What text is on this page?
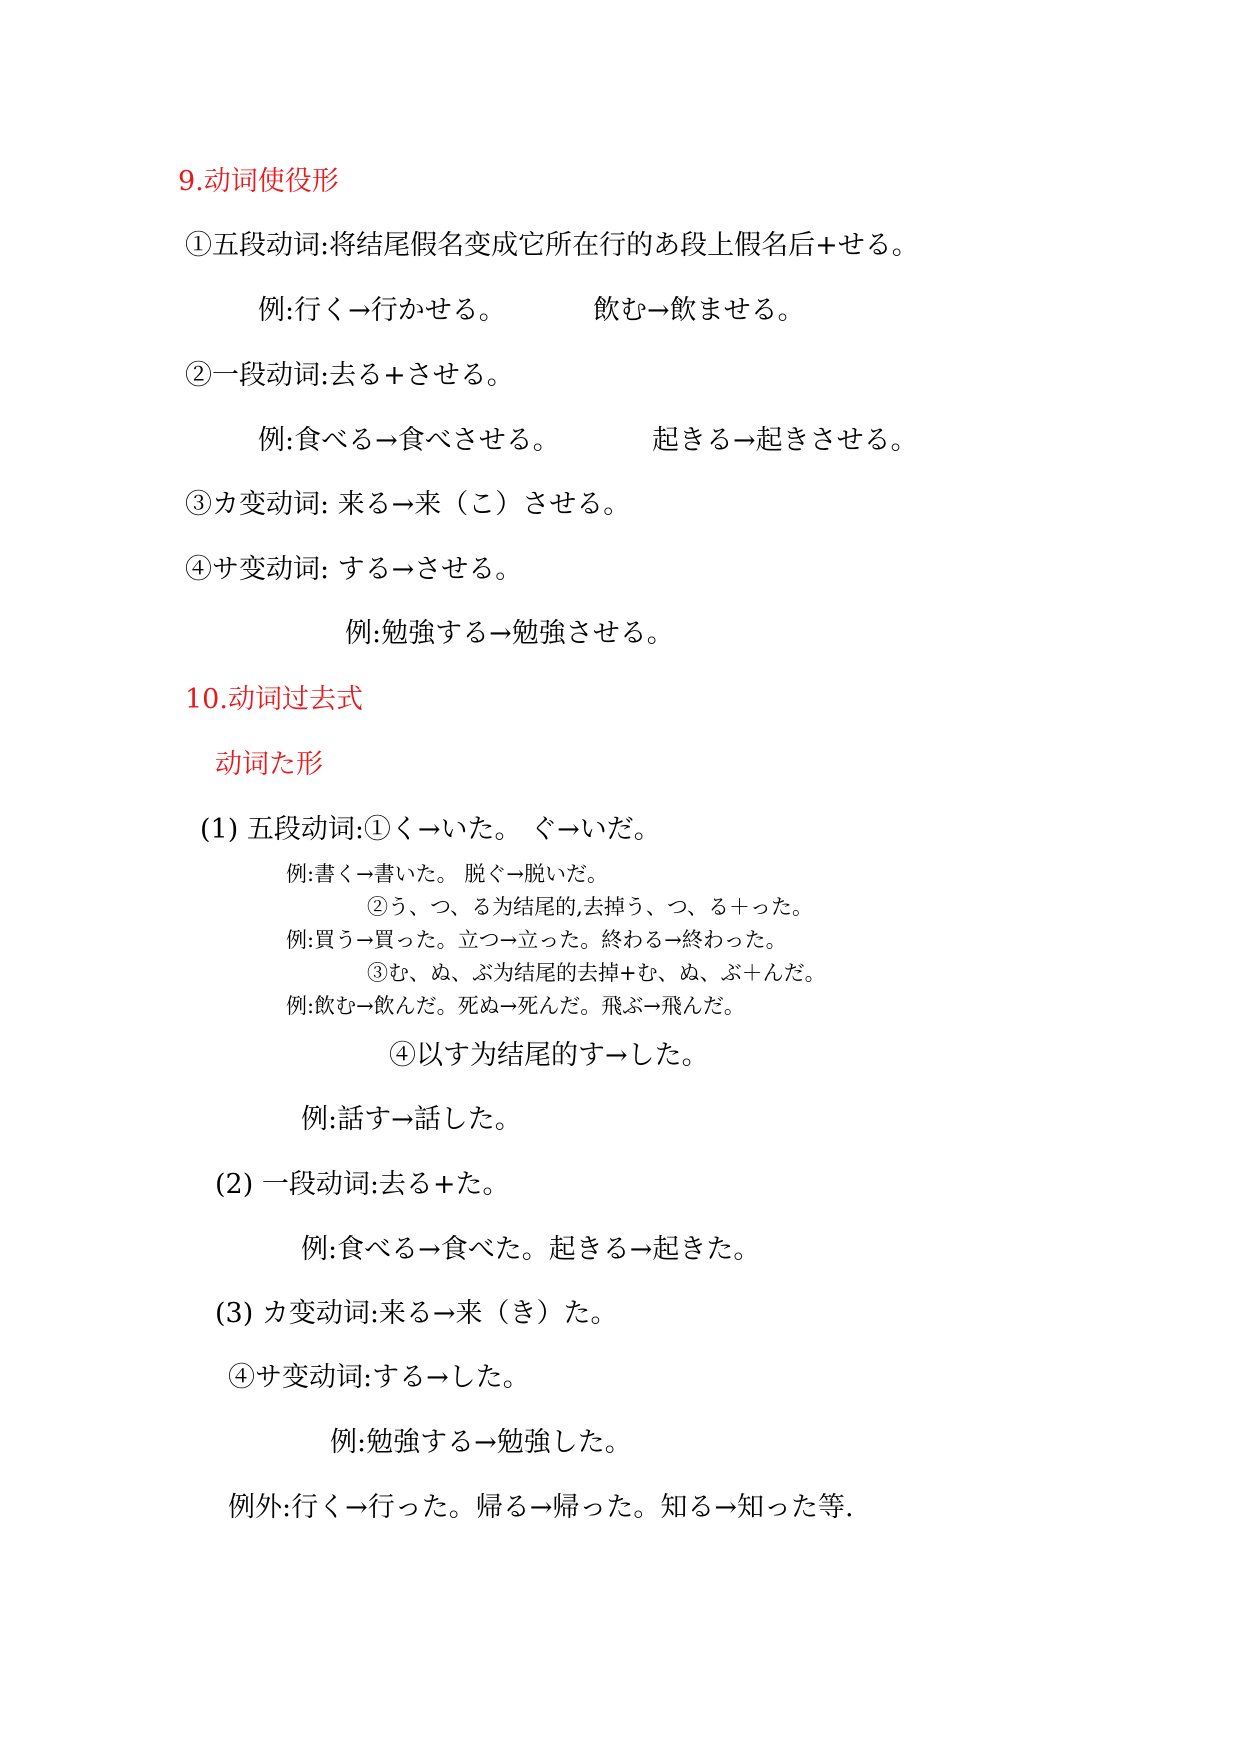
9.动词使役形
①五段动词:将结尾假名变成它所在行的あ段上假名后+せる。
例:行く→行かせる。	飲む→飲ませる。
②一段动词:去る+させる。
例:食べる→食べさせる。	起きる→起きさせる。
③カ变动词: 来る→来（こ）させる。
④サ变动词: する→させる。
例:勉強する→勉強させる。
10.动词过去式
动词た形
(1) 五段动词:①く→いた。 ぐ→いだ。
例:書く→書いた。 脱ぐ→脱いだ。
②う、つ、る为结尾的,去掉う、つ、る＋った。
例:買う→買った。立つ→立った。終わる→終わった。
③む、ぬ、ぶ为结尾的去掉+む、ぬ、ぶ＋んだ。
例:飲む→飲んだ。死ぬ→死んだ。飛ぶ→飛んだ。
④以す为结尾的す→した。
例:話す→話した。
(2) 一段动词:去る+た。
例:食べる→食べた。起きる→起きた。
(3) カ变动词:来る→来（き）た。
④サ变动词:する→した。
例:勉強する→勉強した。
例外:行く→行った。帰る→帰った。知る→知った等.
